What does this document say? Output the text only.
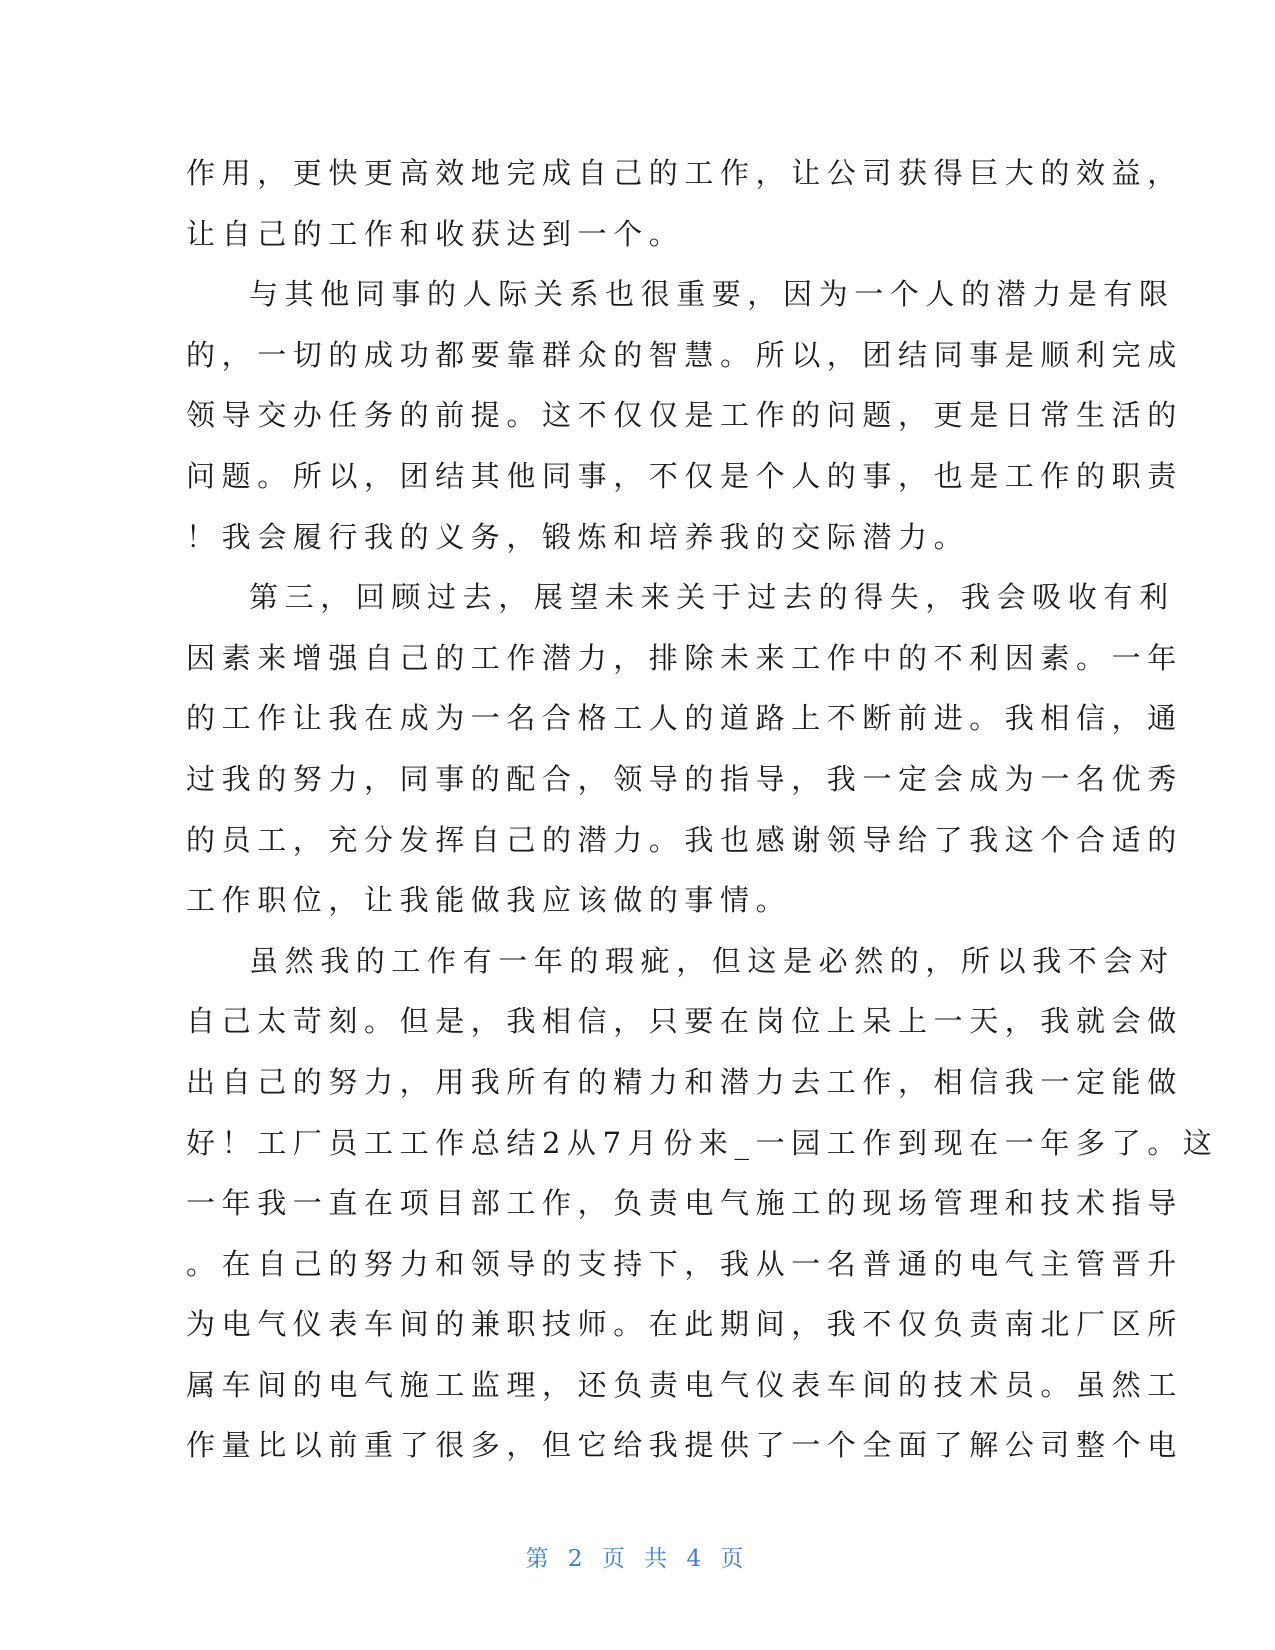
作用，更快更高效地完成自己的工作，让公司获得巨大的效益，
让自己的工作和收获达到一个。
与其他同事的人际关系也很重要，因为一个人的潜力是有限
的，一切的成功都要靠群众的智慧。所以，团结同事是顺利完成
领导交办任务的前提。这不仅仅是工作的问题，更是日常生活的
问题。所以，团结其他同事，不仅是个人的事，也是工作的职责
！我会履行我的义务，锻炼和培养我的交际潜力。
第三，回顾过去，展望未来关于过去的得失，我会吸收有利
因素来增强自己的工作潜力，排除未来工作中的不利因素。一年
的工作让我在成为一名合格工人的道路上不断前进。我相信，通
过我的努力，同事的配合，领导的指导，我一定会成为一名优秀
的员工，充分发挥自己的潜力。我也感谢领导给了我这个合适的
工作职位，让我能做我应该做的事情。
虽然我的工作有一年的瑕疵，但这是必然的，所以我不会对
自己太苛刻。但是，我相信，只要在岗位上呆上一天，我就会做
出自己的努力，用我所有的精力和潜力去工作，相信我一定能做
好！工厂员工工作总结2从7月份来_一园工作到现在一年多了。这
一年我一直在项目部工作，负责电气施工的现场管理和技术指导
。在自己的努力和领导的支持下，我从一名普通的电气主管晋升
为电气仪表车间的兼职技师。在此期间，我不仅负责南北厂区所
属车间的电气施工监理，还负责电气仪表车间的技术员。虽然工
作量比以前重了很多，但它给我提供了一个全面了解公司整个电
第 2 页 共 4 页
